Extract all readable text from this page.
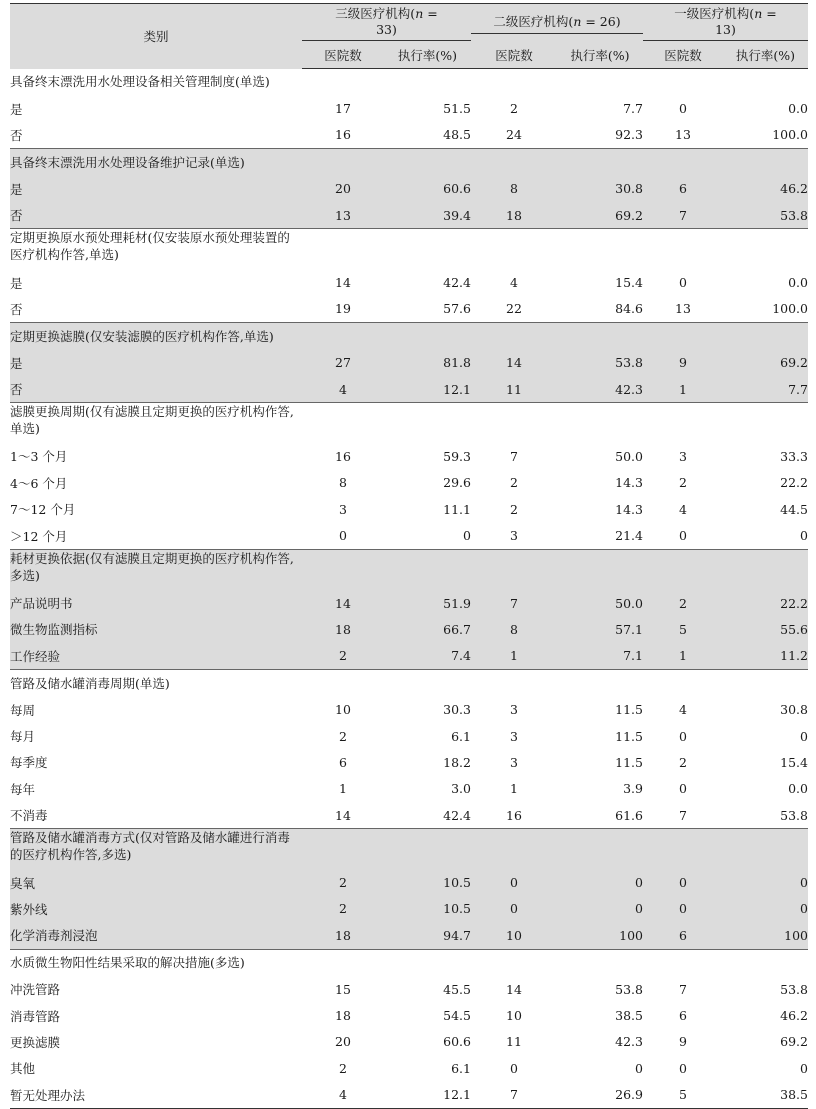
类别	三级医疗机构(n = 33)		二级医疗机构(n = 26)		一级医疗机构(n = 13)	
	医院数	执行率(%)	医院数	执行率(%)	医院数	执行率(%)
具备终末漂洗用水处理设备相关管理制度(单选)						
是	17	51.5	2	7.7	0	0.0
否	16	48.5	24	92.3	13	100.0
具备终末漂洗用水处理设备维护记录(单选)						
是	20	60.6	8	30.8	6	46.2
否	13	39.4	18	69.2	7	53.8
定期更换原水预处理耗材(仅安装原水预处理装置的医疗机构作答,单选)						
是	14	42.4	4	15.4	0	0.0
否	19	57.6	22	84.6	13	100.0
定期更换滤膜(仅安装滤膜的医疗机构作答,单选)						
是	27	81.8	14	53.8	9	69.2
否	4	12.1	11	42.3	1	7.7
滤膜更换周期(仅有滤膜且定期更换的医疗机构作答,单选)						
1～3 个月	16	59.3	7	50.0	3	33.3
4～6 个月	8	29.6	2	14.3	2	22.2
7～12 个月	3	11.1	2	14.3	4	44.5
＞12 个月	0	0	3	21.4	0	0
耗材更换依据(仅有滤膜且定期更换的医疗机构作答,多选)						
产品说明书	14	51.9	7	50.0	2	22.2
微生物监测指标	18	66.7	8	57.1	5	55.6
工作经验	2	7.4	1	7.1	1	11.2
管路及储水罐消毒周期(单选)						
每周	10	30.3	3	11.5	4	30.8
每月	2	6.1	3	11.5	0	0
每季度	6	18.2	3	11.5	2	15.4
每年	1	3.0	1	3.9	0	0.0
不消毒	14	42.4	16	61.6	7	53.8
管路及储水罐消毒方式(仅对管路及储水罐进行消毒的医疗机构作答,多选)						
臭氧	2	10.5	0	0	0	0
紫外线	2	10.5	0	0	0	0
化学消毒剂浸泡	18	94.7	10	100	6	100
水质微生物阳性结果采取的解决措施(多选)						
冲洗管路	15	45.5	14	53.8	7	53.8
消毒管路	18	54.5	10	38.5	6	46.2
更换滤膜	20	60.6	11	42.3	9	69.2
其他	2	6.1	0	0	0	0
暂无处理办法	4	12.1	7	26.9	5	38.5
